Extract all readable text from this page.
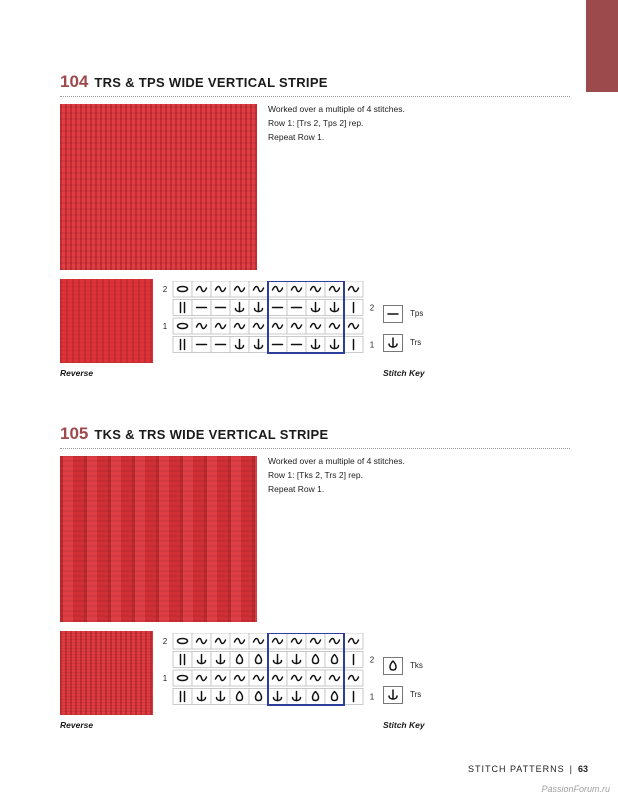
104 TRS & TPS WIDE VERTICAL STRIPE
Worked over a multiple of 4 stitches.
Row 1: [Trs 2, Tps 2] rep.
Repeat Row 1.
2
2
1
1
Tps
Trs
Reverse	Stitch Key
105 TKS & TRS WIDE VERTICAL STRIPE
Worked over a multiple of 4 stitches.
Row 1: [Tks 2, Trs 2] rep.
Repeat Row 1.
2
2
1
1
Tks
Trs
Reverse	Stitch Key
STITCH PATTERNS | 63
PassionForum.ru
